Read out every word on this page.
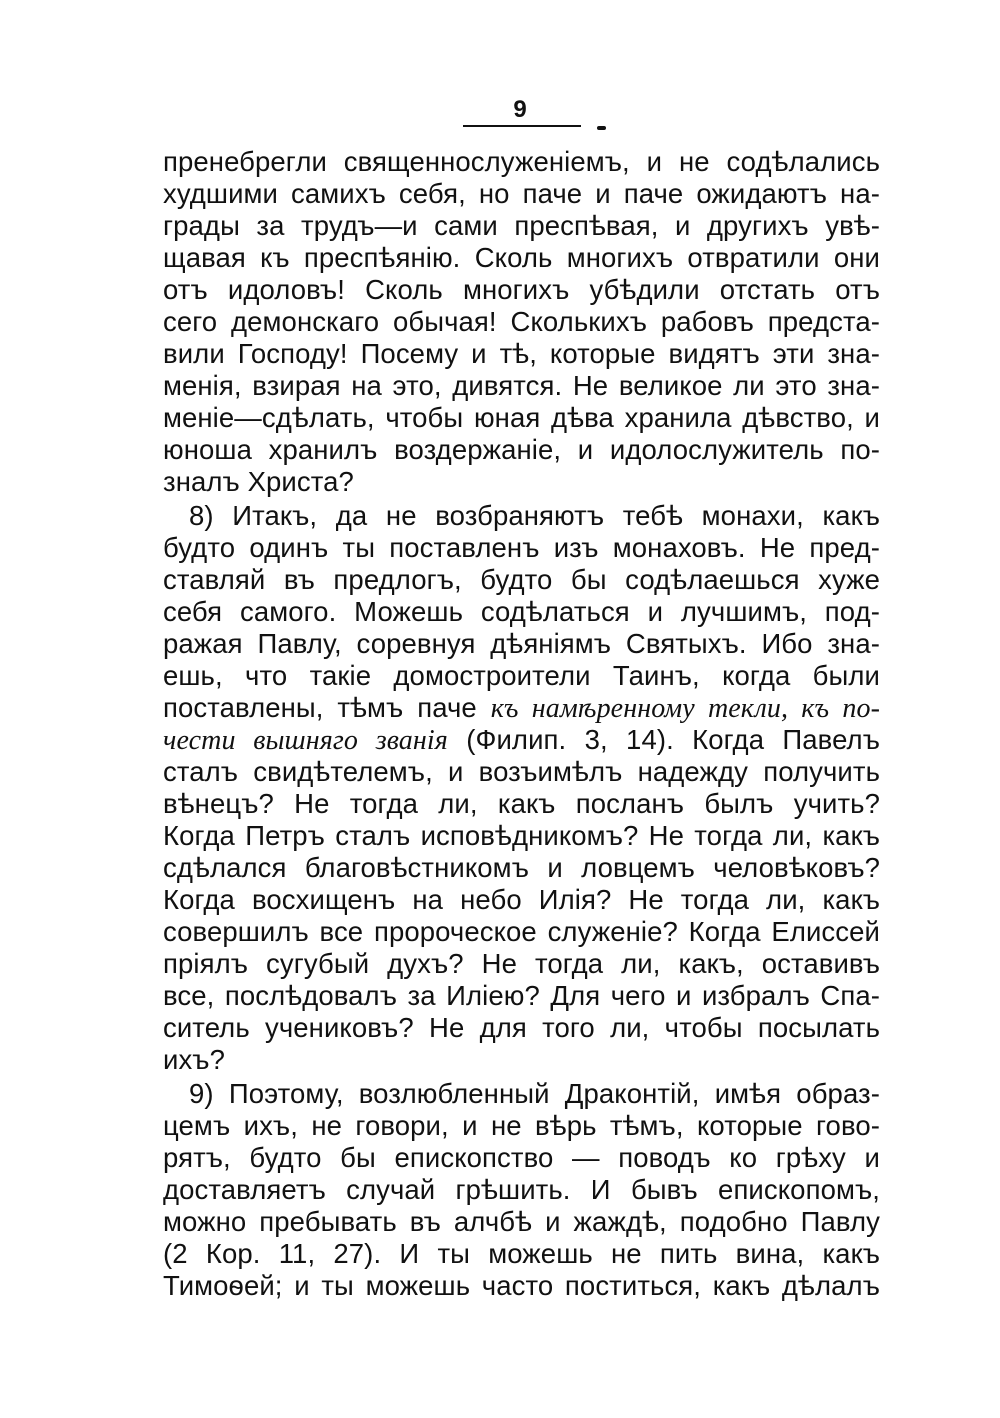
9
пренебрегли священнослуженіемъ, и не содѣлались
худшими самихъ себя, но паче и паче ожидаютъ на-
грады за трудъ—и сами преспѣвая, и другихъ увѣ-
щавая къ преспѣянію. Сколь многихъ отвратили они
отъ идоловъ! Сколь многихъ убѣдили отстать отъ
сего демонскаго обычая! Сколькихъ рабовъ предста-
вили Господу! Посему и тѣ, которые видятъ эти зна-
менія, взирая на это, дивятся. Не великое ли это зна-
меніе—сдѣлать, чтобы юная дѣва хранила дѣвство, и
юноша хранилъ воздержаніе, и идолослужитель по-
зналъ Христа?
8) Итакъ, да не возбраняютъ тебѣ монахи, какъ
будто одинъ ты поставленъ изъ монаховъ. Не пред-
ставляй въ предлогъ, будто бы содѣлаешься хуже
себя самого. Можешь содѣлаться и лучшимъ, под-
ражая Павлу, соревнуя дѣяніямъ Святыхъ. Ибо зна-
ешь, что такіе домостроители Таинъ, когда были
поставлены, тѣмъ паче къ намѣренному текли, къ по-
чести вышняго званія (Филип. 3, 14). Когда Павелъ
сталъ свидѣтелемъ, и возъимѣлъ надежду получить
вѣнецъ? Не тогда ли, какъ посланъ былъ учить?
Когда Петръ сталъ исповѣдникомъ? Не тогда ли, какъ
сдѣлался благовѣстникомъ и ловцемъ человѣковъ?
Когда восхищенъ на небо Илія? Не тогда ли, какъ
совершилъ все пророческое служеніе? Когда Елиссей
пріялъ сугубый духъ? Не тогда ли, какъ, оставивъ
все, послѣдовалъ за Иліею? Для чего и избралъ Спа-
ситель учениковъ? Не для того ли, чтобы посылать
ихъ?
9) Поэтому, возлюбленный Драконтій, имѣя образ-
цемъ ихъ, не говори, и не вѣрь тѣмъ, которые гово-
рятъ, будто бы епископство — поводъ ко грѣху и
доставляетъ случай грѣшить. И бывъ епископомъ,
можно пребывать въ алчбѣ и жаждѣ, подобно Павлу
(2 Кор. 11, 27). И ты можешь не пить вина, какъ
Тимоѳей; и ты можешь часто поститься, какъ дѣлалъ
